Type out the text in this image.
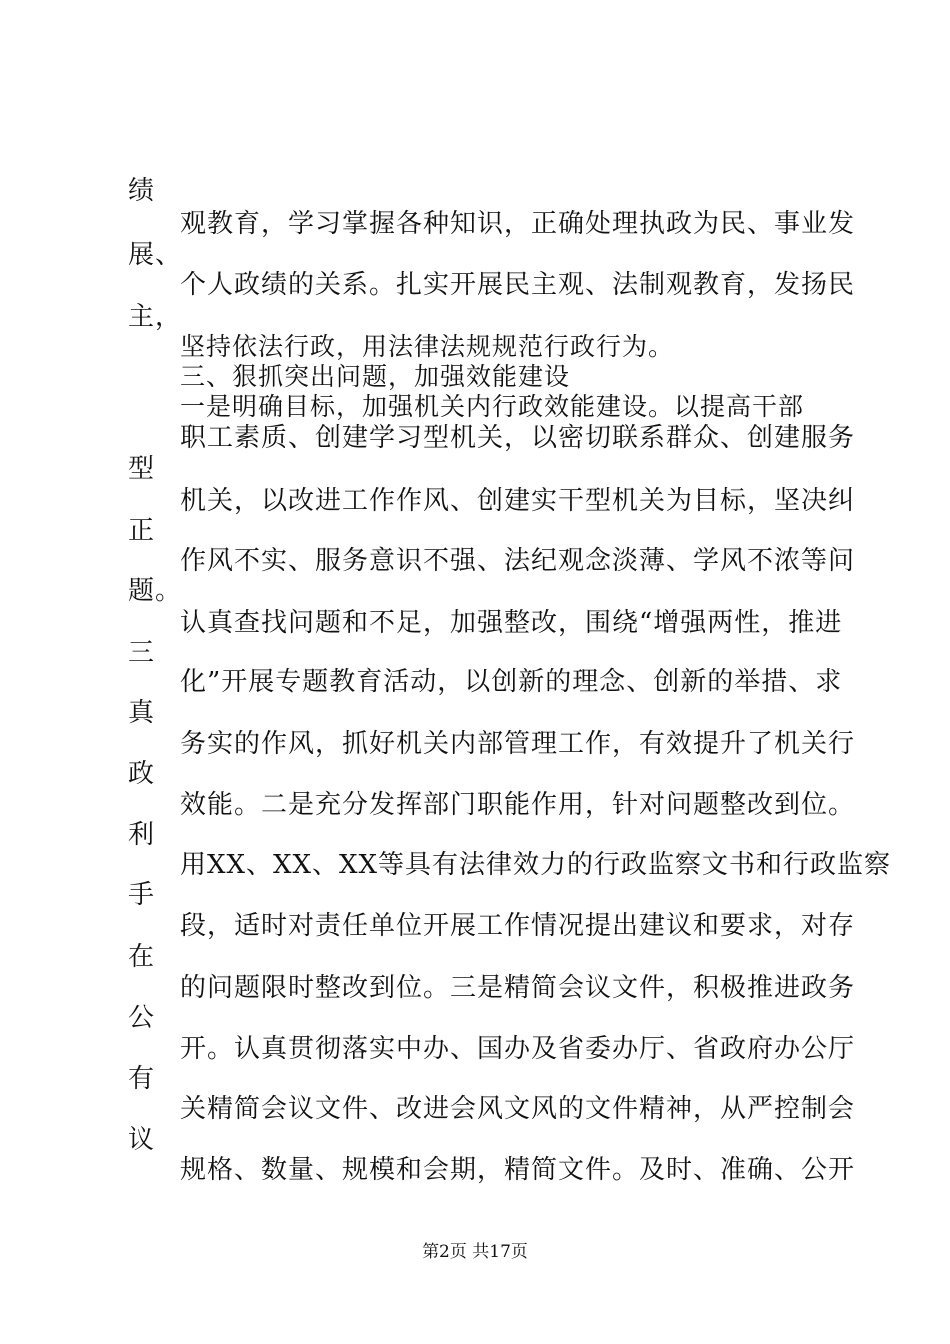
绩
观教育，学习掌握各种知识，正确处理执政为民、事业发
展、
个人政绩的关系。扎实开展民主观、法制观教育，发扬民
主，
坚持依法行政，用法律法规规范行政行为。
三、狠抓突出问题，加强效能建设
一是明确目标，加强机关内行政效能建设。以提高干部
职工素质、创建学习型机关，以密切联系群众、创建服务
型
机关，以改进工作作风、创建实干型机关为目标，坚决纠
正
作风不实、服务意识不强、法纪观念淡薄、学风不浓等问
题。
认真查找问题和不足，加强整改，围绕“增强两性，推进
三
化”开展专题教育活动，以创新的理念、创新的举措、求
真
务实的作风，抓好机关内部管理工作，有效提升了机关行
政
效能。二是充分发挥部门职能作用，针对问题整改到位。
利
用XX、XX、XX等具有法律效力的行政监察文书和行政监察
手
段，适时对责任单位开展工作情况提出建议和要求，对存
在
的问题限时整改到位。三是精简会议文件，积极推进政务
公
开。认真贯彻落实中办、国办及省委办厅、省政府办公厅
有
关精简会议文件、改进会风文风的文件精神，从严控制会
议
规格、数量、规模和会期，精简文件。及时、准确、公开
第2页 共17页
